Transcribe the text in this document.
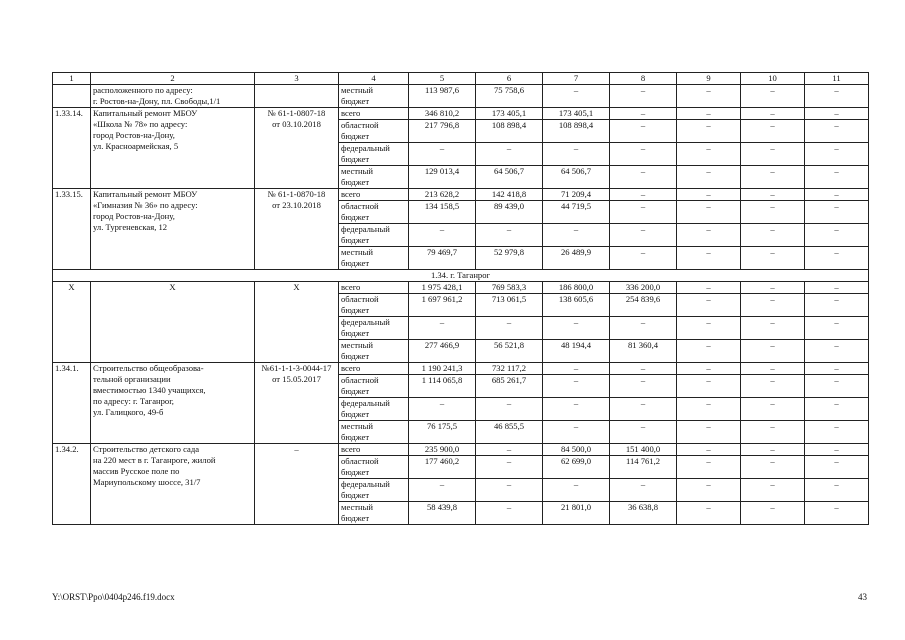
1	2	3	4	5	6	7	8	9	10	11
	расположенного по адресу:
г. Ростов-на-Дону, пл. Свободы,1/1		местный
бюджет	113 987,6	75 758,6	–	–	–	–	–
1.33.14.	Капитальный ремонт МБОУ
«Школа № 78» по адресу:
город Ростов-на-Дону,
ул. Красноармейская, 5	№ 61-1-0807-18
от 03.10.2018	всего	346 810,2	173 405,1	173 405,1	–	–	–	–
			областной
бюджет	217 796,8	108 898,4	108 898,4	–	–	–	–
			федеральный
бюджет	–	–	–	–	–	–	–
			местный
бюджет	129 013,4	64 506,7	64 506,7	–	–	–	–
1.33.15.	Капитальный ремонт МБОУ
«Гимназия № 36» по адресу:
город Ростов-на-Дону,
ул. Тургеневская, 12	№ 61-1-0870-18
от 23.10.2018	всего	213 628,2	142 418,8	71 209,4	–	–	–	–
			областной
бюджет	134 158,5	89 439,0	44 719,5	–	–	–	–
			федеральный
бюджет	–	–	–	–	–	–	–
			местный
бюджет	79 469,7	52 979,8	26 489,9	–	–	–	–
1.34. г. Таганрог										
Х	Х	Х	всего	1 975 428,1	769 583,3	186 800,0	336 200,0	–	–	–
			областной
бюджет	1 697 961,2	713 061,5	138 605,6	254 839,6	–	–	–
			федеральный
бюджет	–	–	–	–	–	–	–
			местный
бюджет	277 466,9	56 521,8	48 194,4	81 360,4	–	–	–
1.34.1.	Строительство общеобразова-
тельной организации
вместимостью 1340 учащихся,
по адресу: г. Таганрог,
ул. Галицкого, 49-б	№61-1-1-3-0044-17
от 15.05.2017	всего	1 190 241,3	732 117,2	–	–	–	–	–
			областной
бюджет	1 114 065,8	685 261,7	–	–	–	–	–
			федеральный
бюджет	–	–	–	–	–	–	–
			местный
бюджет	76 175,5	46 855,5	–	–	–	–	–
1.34.2.	Строительство детского сада
на 220 мест в г. Таганроге, жилой
массив Русское поле по
Мариупольскому шоссе, 31/7	–	всего	235 900,0	–	84 500,0	151 400,0	–	–	–
			областной
бюджет	177 460,2	–	62 699,0	114 761,2	–	–	–
			федеральный
бюджет	–	–	–	–	–	–	–
			местный
бюджет	58 439,8	–	21 801,0	36 638,8	–	–	–
Y:\ORST\Ppo\0404p246.f19.docx	43
